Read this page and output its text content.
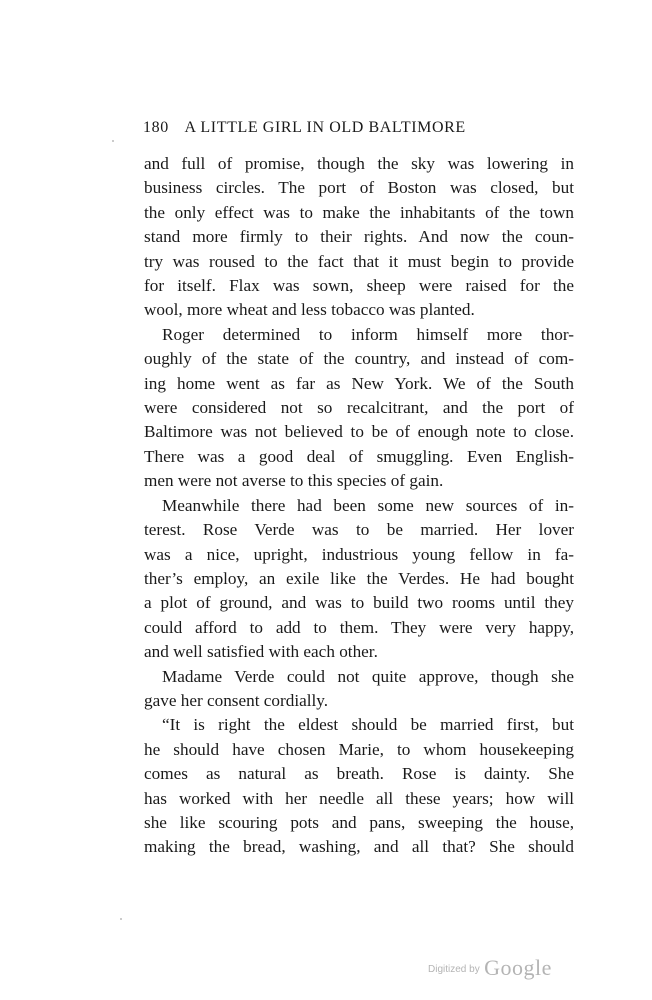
180 A LITTLE GIRL IN OLD BALTIMORE
and full of promise, though the sky was lowering in
business circles. The port of Boston was closed, but
the only effect was to make the inhabitants of the town
stand more firmly to their rights. And now the coun-
try was roused to the fact that it must begin to provide
for itself. Flax was sown, sheep were raised for the
wool, more wheat and less tobacco was planted.
Roger determined to inform himself more thor-
oughly of the state of the country, and instead of com-
ing home went as far as New York. We of the South
were considered not so recalcitrant, and the port of
Baltimore was not believed to be of enough note to close.
There was a good deal of smuggling. Even English-
men were not averse to this species of gain.
Meanwhile there had been some new sources of in-
terest. Rose Verde was to be married. Her lover
was a nice, upright, industrious young fellow in fa-
ther’s employ, an exile like the Verdes. He had bought
a plot of ground, and was to build two rooms until they
could afford to add to them. They were very happy,
and well satisfied with each other.
Madame Verde could not quite approve, though she
gave her consent cordially.
“It is right the eldest should be married first, but
he should have chosen Marie, to whom housekeeping
comes as natural as breath. Rose is dainty. She
has worked with her needle all these years; how will
she like scouring pots and pans, sweeping the house,
making the bread, washing, and all that? She should
Digitized by Google
